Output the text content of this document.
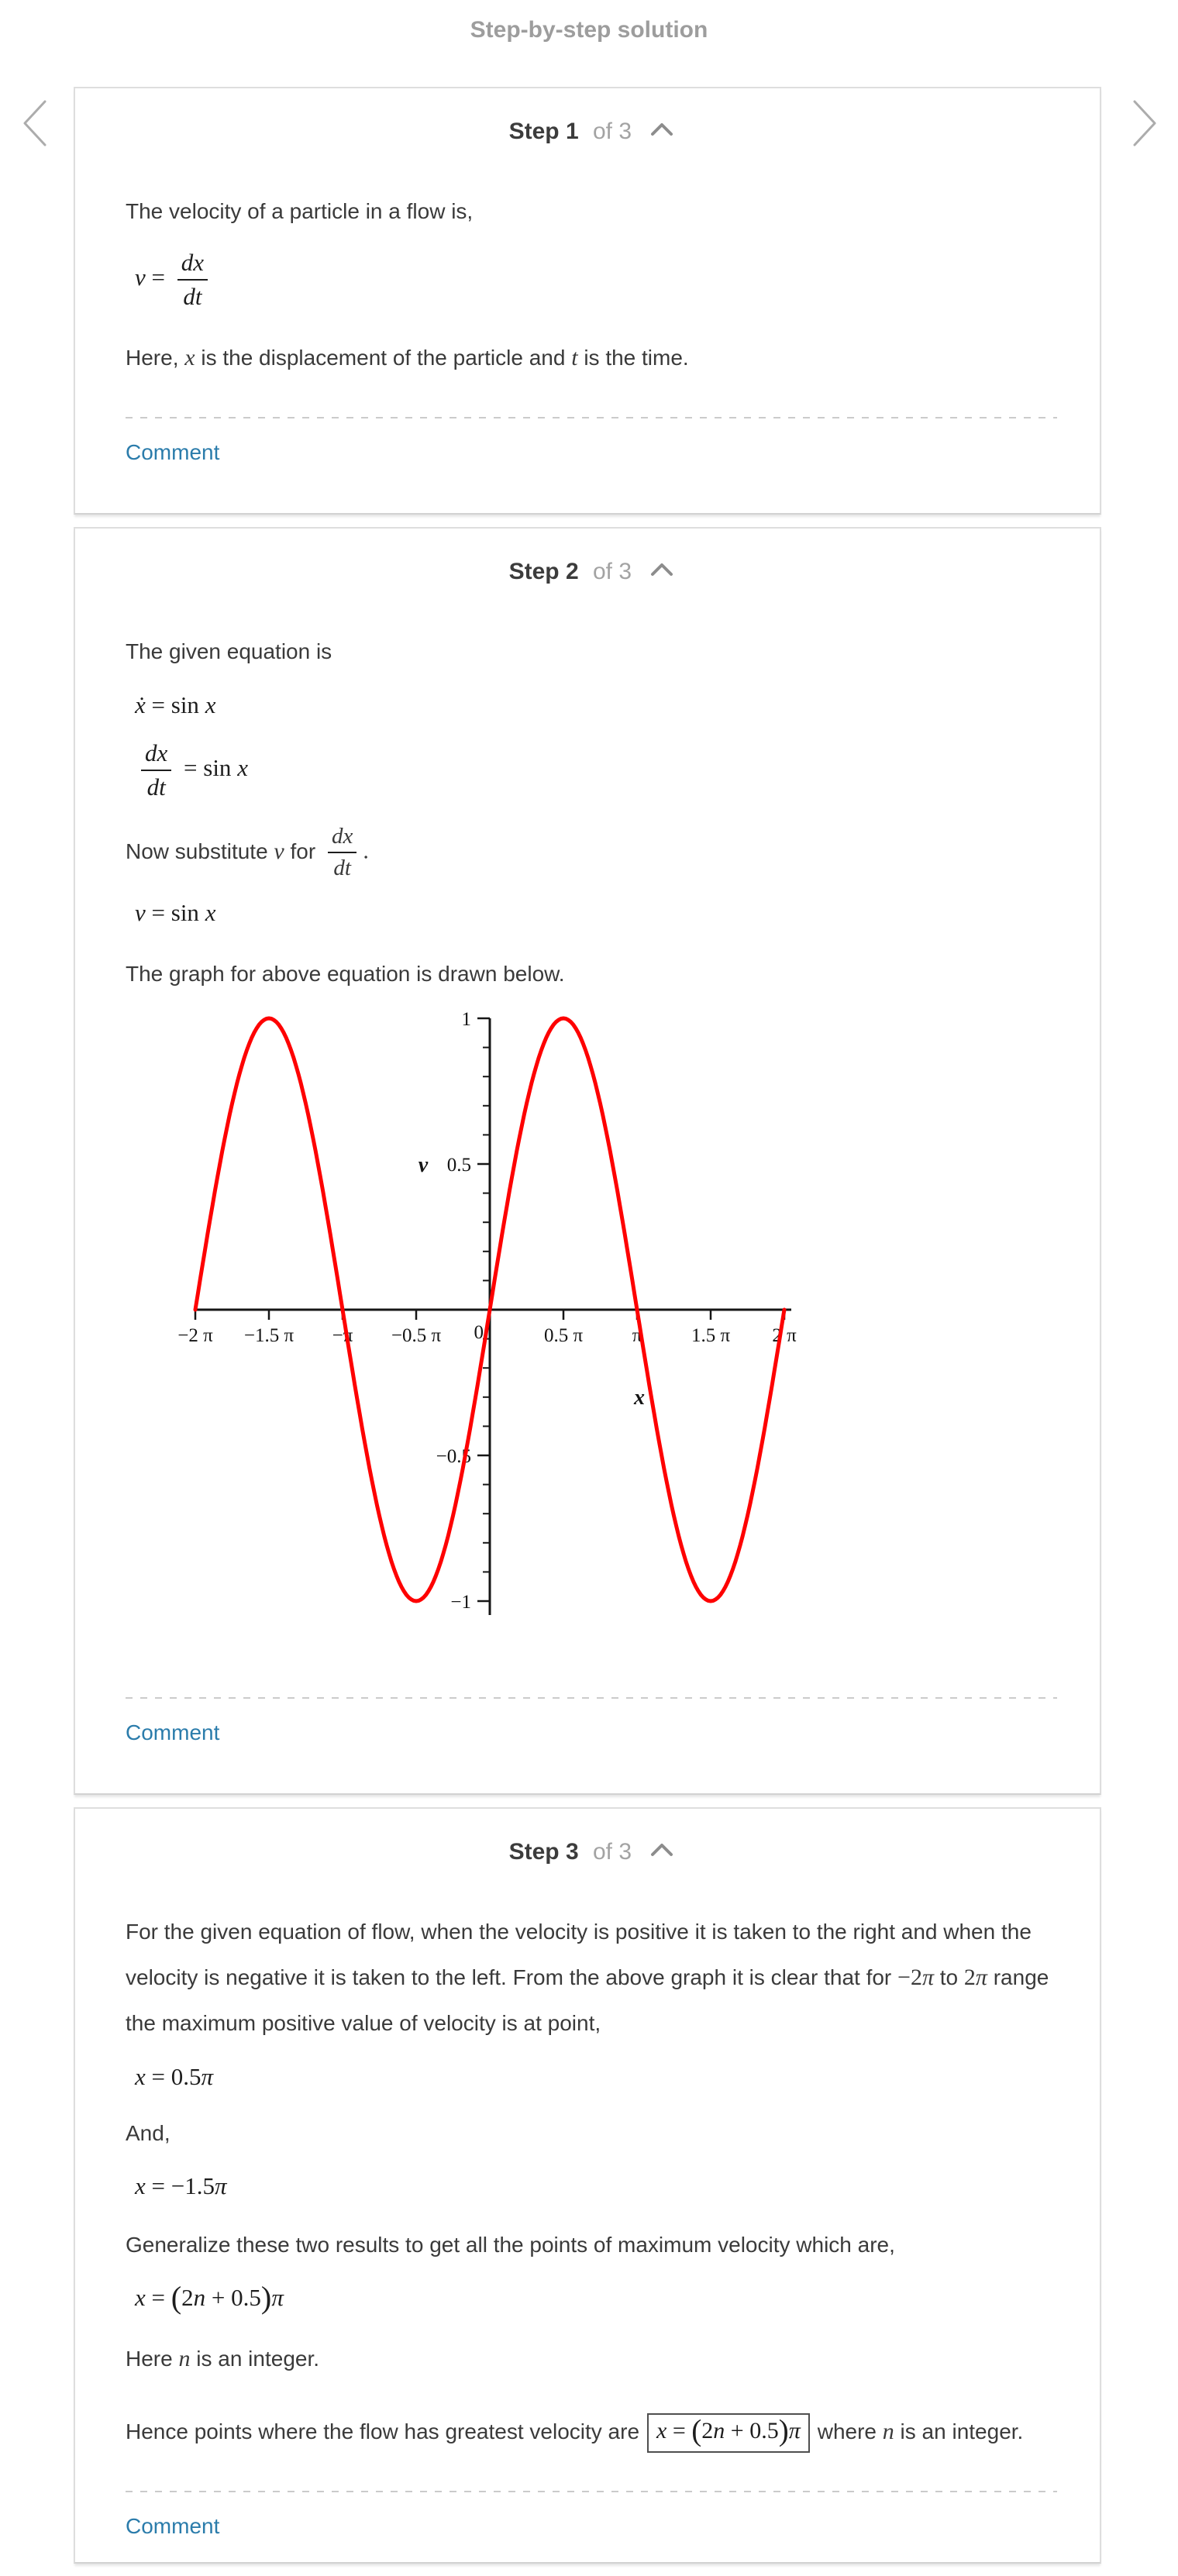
Step-by-step solution
Step 1 of 3

The velocity of a particle in a flow is,

$v = \frac{dx}{dt}$

Here, x is the displacement of the particle and t is the time.

Comment
Step 2 of 3

The given equation is

ẋ = sin x
$\frac{dx}{dt} = \sin x$

Now substitute v for $\frac{dx}{dt}$ .

v = sin x

The graph for above equation is drawn below.

−2 π −1.5 π −π −0.5 π 0	0.5 π	π	1.5 π 2 π
1
0.5
−0.5
−1
v
x
Comment
Step 3 of 3

For the given equation of flow, when the velocity is positive it is taken to the right and when the velocity is negative it is taken to the left. From the above graph it is clear that for −2π to 2π range the maximum positive value of velocity is at point,

x = 0.5π

And,

x = −1.5π

Generalize these two results to get all the points of maximum velocity which are,

x = (2n + 0.5)π

Here n is an integer.

Hence points where the flow has greatest velocity are x = (2n + 0.5)π where n is an integer.

Comment
